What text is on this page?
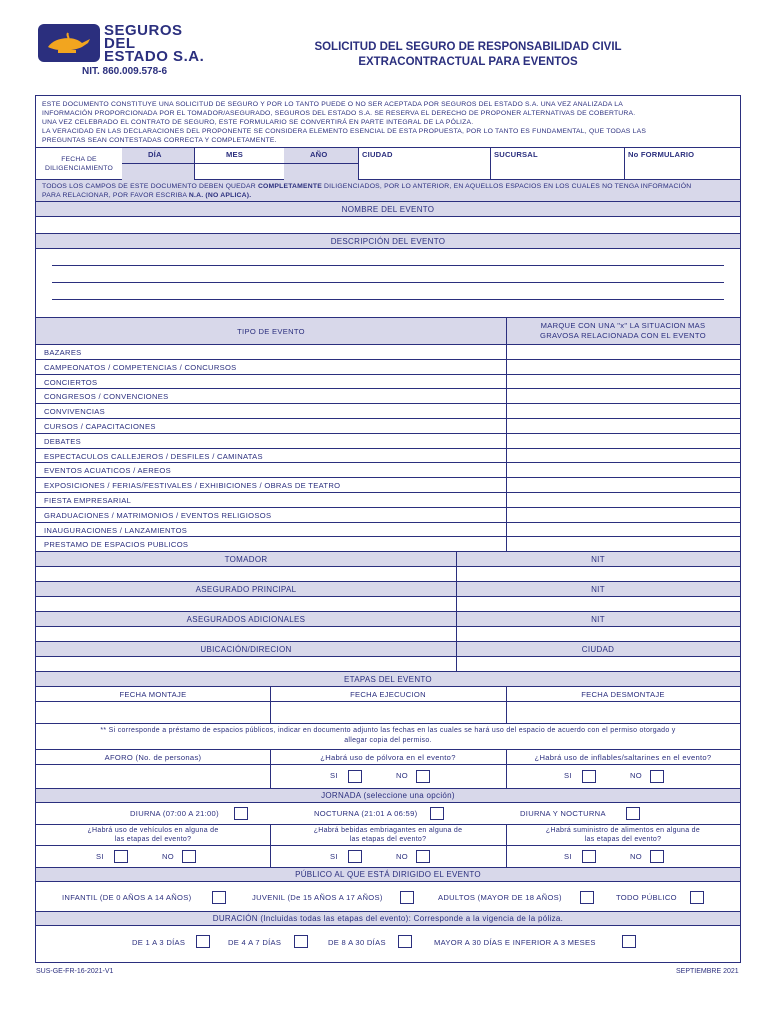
SEGUROS
DEL
ESTADO S.A.
NIT. 860.009.578-6
SOLICITUD DEL SEGURO DE RESPONSABILIDAD CIVIL
EXTRACONTRACTUAL PARA EVENTOS
ESTE DOCUMENTO CONSTITUYE UNA SOLICITUD DE SEGURO Y POR LO TANTO PUEDE O NO SER ACEPTADA POR SEGUROS DEL ESTADO S.A. UNA VEZ ANALIZADA LA
INFORMACIÓN PROPORCIONADA POR EL TOMADOR/ASEGURADO, SEGUROS DEL ESTADO S.A. SE RESERVA EL DERECHO DE PROPONER ALTERNATIVAS DE COBERTURA.
UNA VEZ CELEBRADO EL CONTRATO DE SEGURO, ESTE FORMULARIO SE CONVERTIRÁ EN PARTE INTEGRAL DE LA PÓLIZA.
LA VERACIDAD EN LAS DECLARACIONES DEL PROPONENTE SE CONSIDERA ELEMENTO ESENCIAL DE ESTA PROPUESTA, POR LO TANTO ES FUNDAMENTAL, QUE TODAS LAS
PREGUNTAS SEAN CONTESTADAS CORRECTA Y COMPLETAMENTE.
FECHA DE DILIGENCIAMIENTO
DÍA	MES	AÑO	CIUDAD	SUCURSAL	No FORMULARIO
TODOS LOS CAMPOS DE ESTE DOCUMENTO DEBEN QUEDAR COMPLETAMENTE DILIGENCIADOS, POR LO ANTERIOR, EN AQUELLOS ESPACIOS EN LOS CUALES NO TENGA INFORMACIÓN
PARA RELACIONAR, POR FAVOR ESCRIBA N.A. (NO APLICA).
NOMBRE DEL EVENTO
DESCRIPCIÓN DEL EVENTO
TIPO DE EVENTO
MARQUE CON UNA "x" LA SITUACION MAS
GRAVOSA RELACIONADA CON EL EVENTO
BAZARES
CAMPEONATOS / COMPETENCIAS / CONCURSOS
CONCIERTOS
CONGRESOS / CONVENCIONES
CONVIVENCIAS
CURSOS / CAPACITACIONES
DEBATES
ESPECTACULOS CALLEJEROS / DESFILES / CAMINATAS
EVENTOS ACUATICOS / AEREOS
EXPOSICIONES / FERIAS/FESTIVALES / EXHIBICIONES / OBRAS DE TEATRO
FIESTA EMPRESARIAL
GRADUACIONES / MATRIMONIOS / EVENTOS RELIGIOSOS
INAUGURACIONES / LANZAMIENTOS
PRESTAMO DE ESPACIOS PUBLICOS
TOMADOR	NIT
ASEGURADO PRINCIPAL	NIT
ASEGURADOS ADICIONALES	NIT
UBICACIÓN/DIRECION	CIUDAD
ETAPAS DEL EVENTO
FECHA MONTAJE	FECHA EJECUCION	FECHA DESMONTAJE
** Si corresponde a préstamo de espacios públicos, indicar en documento adjunto las fechas en las cuales se hará uso del espacio de acuerdo con el permiso otorgado y
allegar copia del permiso.
AFORO (No. de personas)	¿Habrá uso de pólvora en el evento?	¿Habrá uso de inflables/saltarines en el evento?
SI	NO	SI	NO
JORNADA (seleccione una opción)
DIURNA (07:00 A 21:00)	NOCTURNA (21:01 A 06:59)	DIURNA Y NOCTURNA
¿Habrá uso de vehículos en alguna de
las etapas del evento?
¿Habrá bebidas embriagantes en alguna de
las etapas del evento?
¿Habrá suministro de alimentos en alguna de
las etapas del evento?
SI	NO	SI	NO	SI	NO
PÚBLICO AL QUE ESTÁ DIRIGIDO EL EVENTO
INFANTIL (DE 0 AÑOS A 14 AÑOS)	JUVENIL (De 15 AÑOS A 17 AÑOS)	ADULTOS (MAYOR DE 18 AÑOS)	TODO PÚBLICO
DURACIÓN (Incluidas todas las etapas del evento): Corresponde a la vigencia de la póliza.
DE 1 A 3 DÍAS	DE 4 A 7 DÍAS	DE 8 A 30 DÍAS	MAYOR A 30 DÍAS E INFERIOR A 3 MESES
SUS-GE-FR-16-2021-V1	SEPTIEMBRE 2021
